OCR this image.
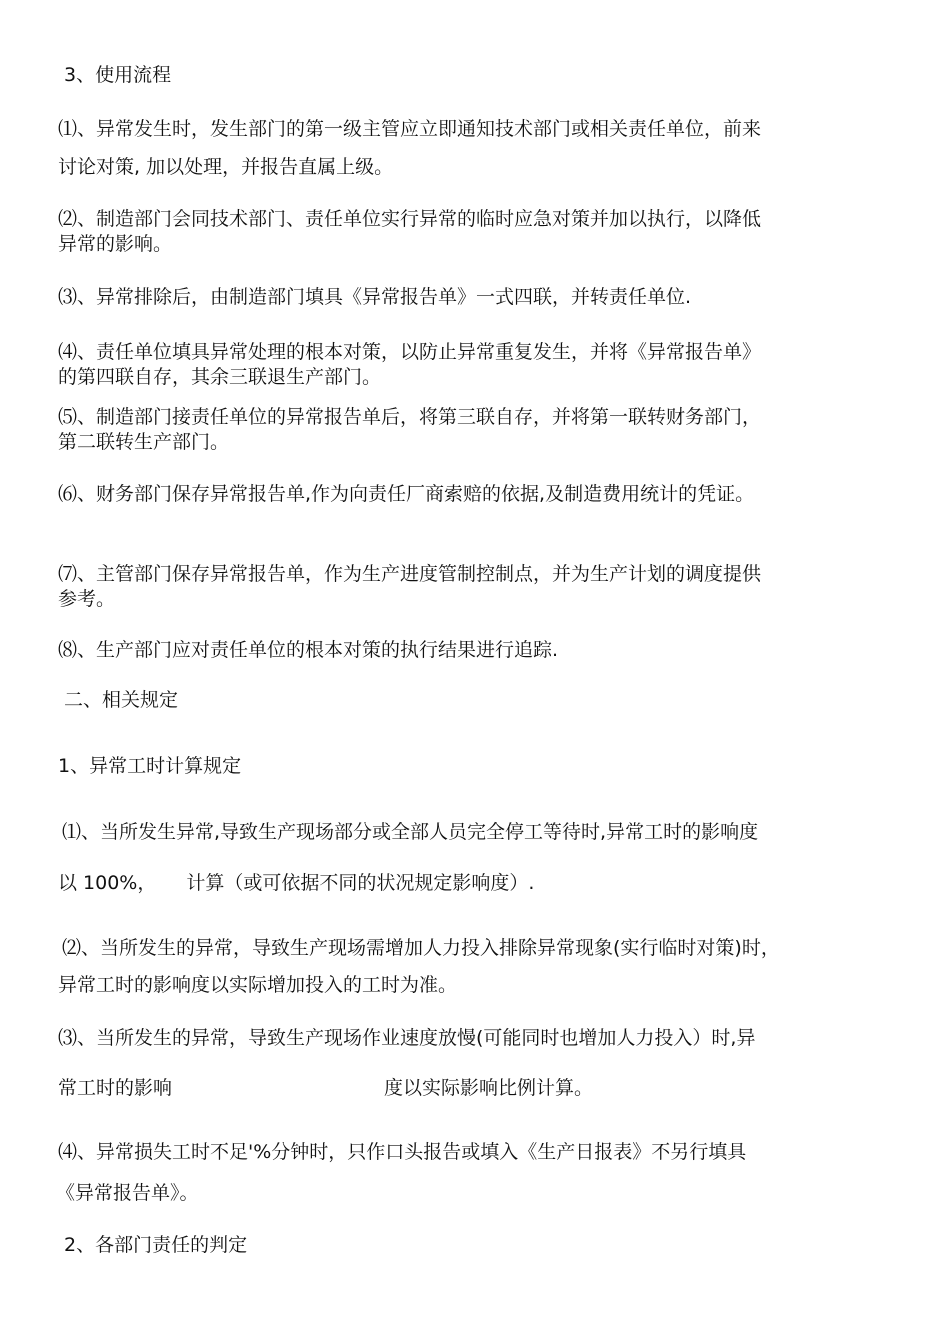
3、使用流程

⑴、异常发生时，发生部门的第一级主管应立即通知技术部门或相关责任单位，前来

讨论对策, 加以处理，并报告直属上级。

⑵、制造部门会同技术部门、责任单位实行异常的临时应急对策并加以执行，以降低

异常的影响。

⑶、异常排除后，由制造部门填具《异常报告单》一式四联，并转责任单位.

⑷、责任单位填具异常处理的根本对策，以防止异常重复发生，并将《异常报告单》

的第四联自存，其余三联退生产部门。

⑸、制造部门接责任单位的异常报告单后，将第三联自存，并将第一联转财务部门，

第二联转生产部门。

⑹、财务部门保存异常报告单,作为向责任厂商索赔的依据,及制造费用统计的凭证。

⑺、主管部门保存异常报告单，作为生产进度管制控制点，并为生产计划的调度提供

参考。

⑻、生产部门应对责任单位的根本对策的执行结果进行追踪.

二、相关规定

1、异常工时计算规定

⑴、当所发生异常,导致生产现场部分或全部人员完全停工等待时,异常工时的影响度

以 100%， 计算（或可依据不同的状况规定影响度）.

⑵、当所发生的异常，导致生产现场需增加人力投入排除异常现象(实行临时对策)时，

异常工时的影响度以实际增加投入的工时为准。

⑶、当所发生的异常，导致生产现场作业速度放慢(可能同时也增加人力投入）时,异

常工时的影响	度以实际影响比例计算。

⑷、异常损失工时不足'%分钟时，只作口头报告或填入《生产日报表》不另行填具

《异常报告单》。

2、各部门责任的判定
